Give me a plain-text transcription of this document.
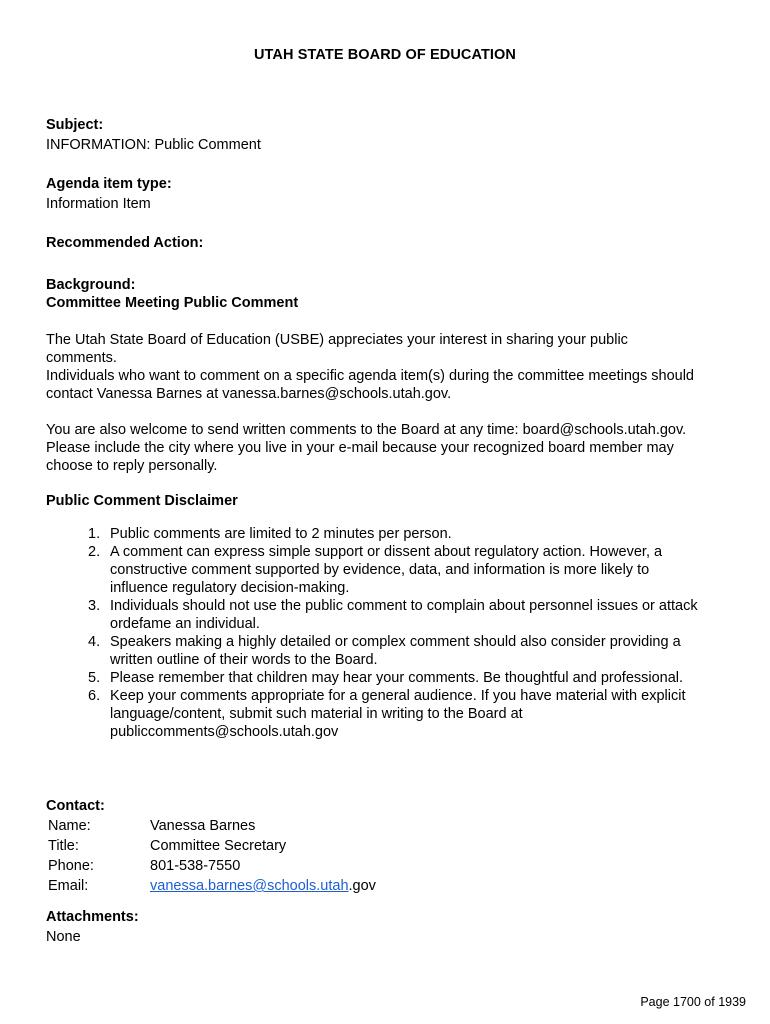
UTAH STATE BOARD OF EDUCATION

Subject:

INFORMATION: Public Comment

Agenda item type:

Information Item

Recommended Action:

Background:

Committee Meeting Public Comment

The Utah State Board of Education (USBE) appreciates your interest in sharing your public

comments.

Individuals who want to comment on a specific agenda item(s) during the committee meetings should

contact Vanessa Barnes at vanessa.barnes@schools.utah.gov.

You are also welcome to send written comments to the Board at any time: board@schools.utah.gov.

Please include the city where you live in your e-mail because your recognized board member may

choose to reply personally.

Public Comment Disclaimer

1. Public comments are limited to 2 minutes per person.
2. A comment can express simple support or dissent about regulatory action. However, a
constructive comment supported by evidence, data, and information is more likely to
influence regulatory decision-making.
3. Individuals should not use the public comment to complain about personnel issues or attack
ordefame an individual.
4. Speakers making a highly detailed or complex comment should also consider providing a
written outline of their words to the Board.
5. Please remember that children may hear your comments. Be thoughtful and professional.
6. Keep your comments appropriate for a general audience. If you have material with explicit
language/content, submit such material in writing to the Board at
publiccomments@schools.utah.gov

Contact:

Name:	Vanessa Barnes
Title:	Committee Secretary
Phone:	801-538-7550
Email:	vanessa.barnes@schools.utah.gov

Attachments:

None

Page 1700 of 1939
